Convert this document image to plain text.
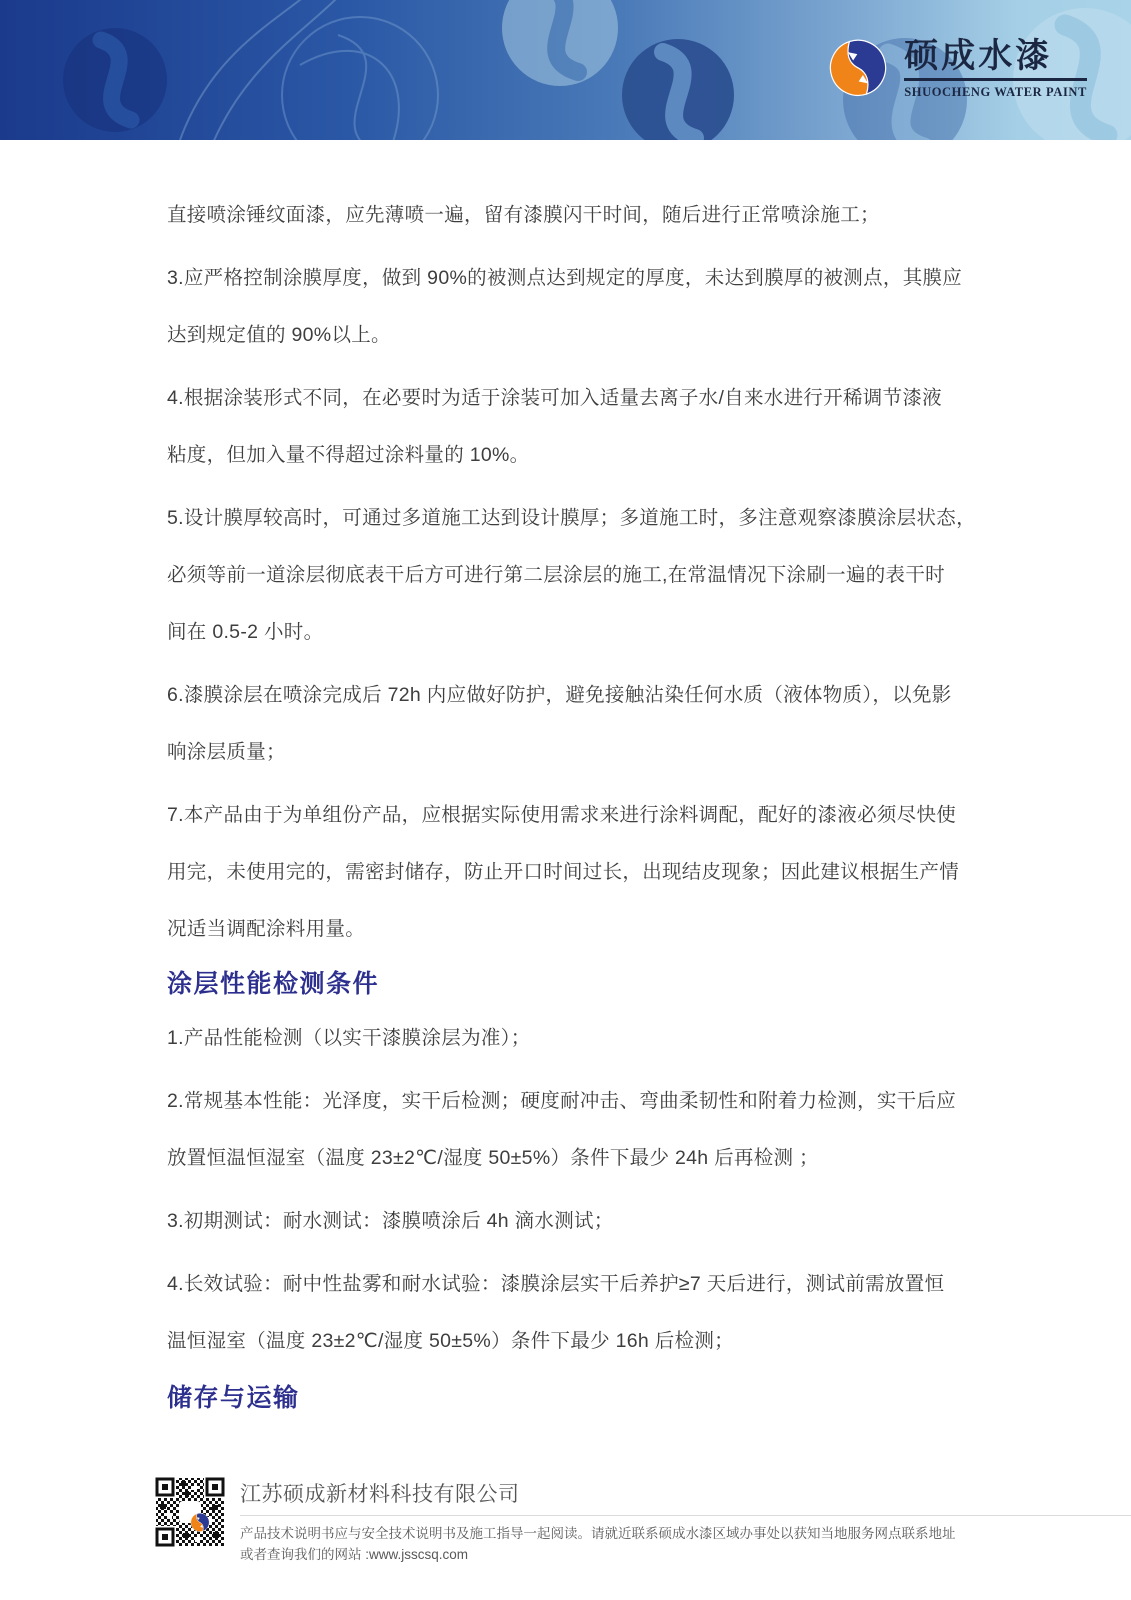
硕成水漆
SHUOCHENG WATER PAINT

直接喷涂锤纹面漆，应先薄喷一遍，留有漆膜闪干时间，随后进行正常喷涂施工；

3.应严格控制涂膜厚度，做到 90%的被测点达到规定的厚度，未达到膜厚的被测点，其膜应

达到规定值的 90%以上。

4.根据涂装形式不同，在必要时为适于涂装可加入适量去离子水/自来水进行开稀调节漆液

粘度，但加入量不得超过涂料量的 10%。

5.设计膜厚较高时，可通过多道施工达到设计膜厚；多道施工时，多注意观察漆膜涂层状态，

必须等前一道涂层彻底表干后方可进行第二层涂层的施工,在常温情况下涂刷一遍的表干时

间在 0.5-2 小时。

6.漆膜涂层在喷涂完成后 72h 内应做好防护，避免接触沾染任何水质（液体物质），以免影

响涂层质量；

7.本产品由于为单组份产品，应根据实际使用需求来进行涂料调配，配好的漆液必须尽快使

用完，未使用完的，需密封储存，防止开口时间过长，出现结皮现象；因此建议根据生产情

况适当调配涂料用量。

涂层性能检测条件

1.产品性能检测（以实干漆膜涂层为准）；

2.常规基本性能：光泽度，实干后检测；硬度耐冲击、弯曲柔韧性和附着力检测，实干后应

放置恒温恒湿室（温度 23±2℃/湿度 50±5%）条件下最少 24h 后再检测 ；

3.初期测试：耐水测试：漆膜喷涂后 4h 滴水测试；

4.长效试验：耐中性盐雾和耐水试验：漆膜涂层实干后养护≥7 天后进行，测试前需放置恒

温恒湿室（温度 23±2℃/湿度 50±5%）条件下最少 16h 后检测；

储存与运输

江苏硕成新材料科技有限公司

产品技术说明书应与安全技术说明书及施工指导一起阅读。请就近联系硕成水漆区域办事处以获知当地服务网点联系地址

或者查询我们的网站 :www.jsscsq.com
